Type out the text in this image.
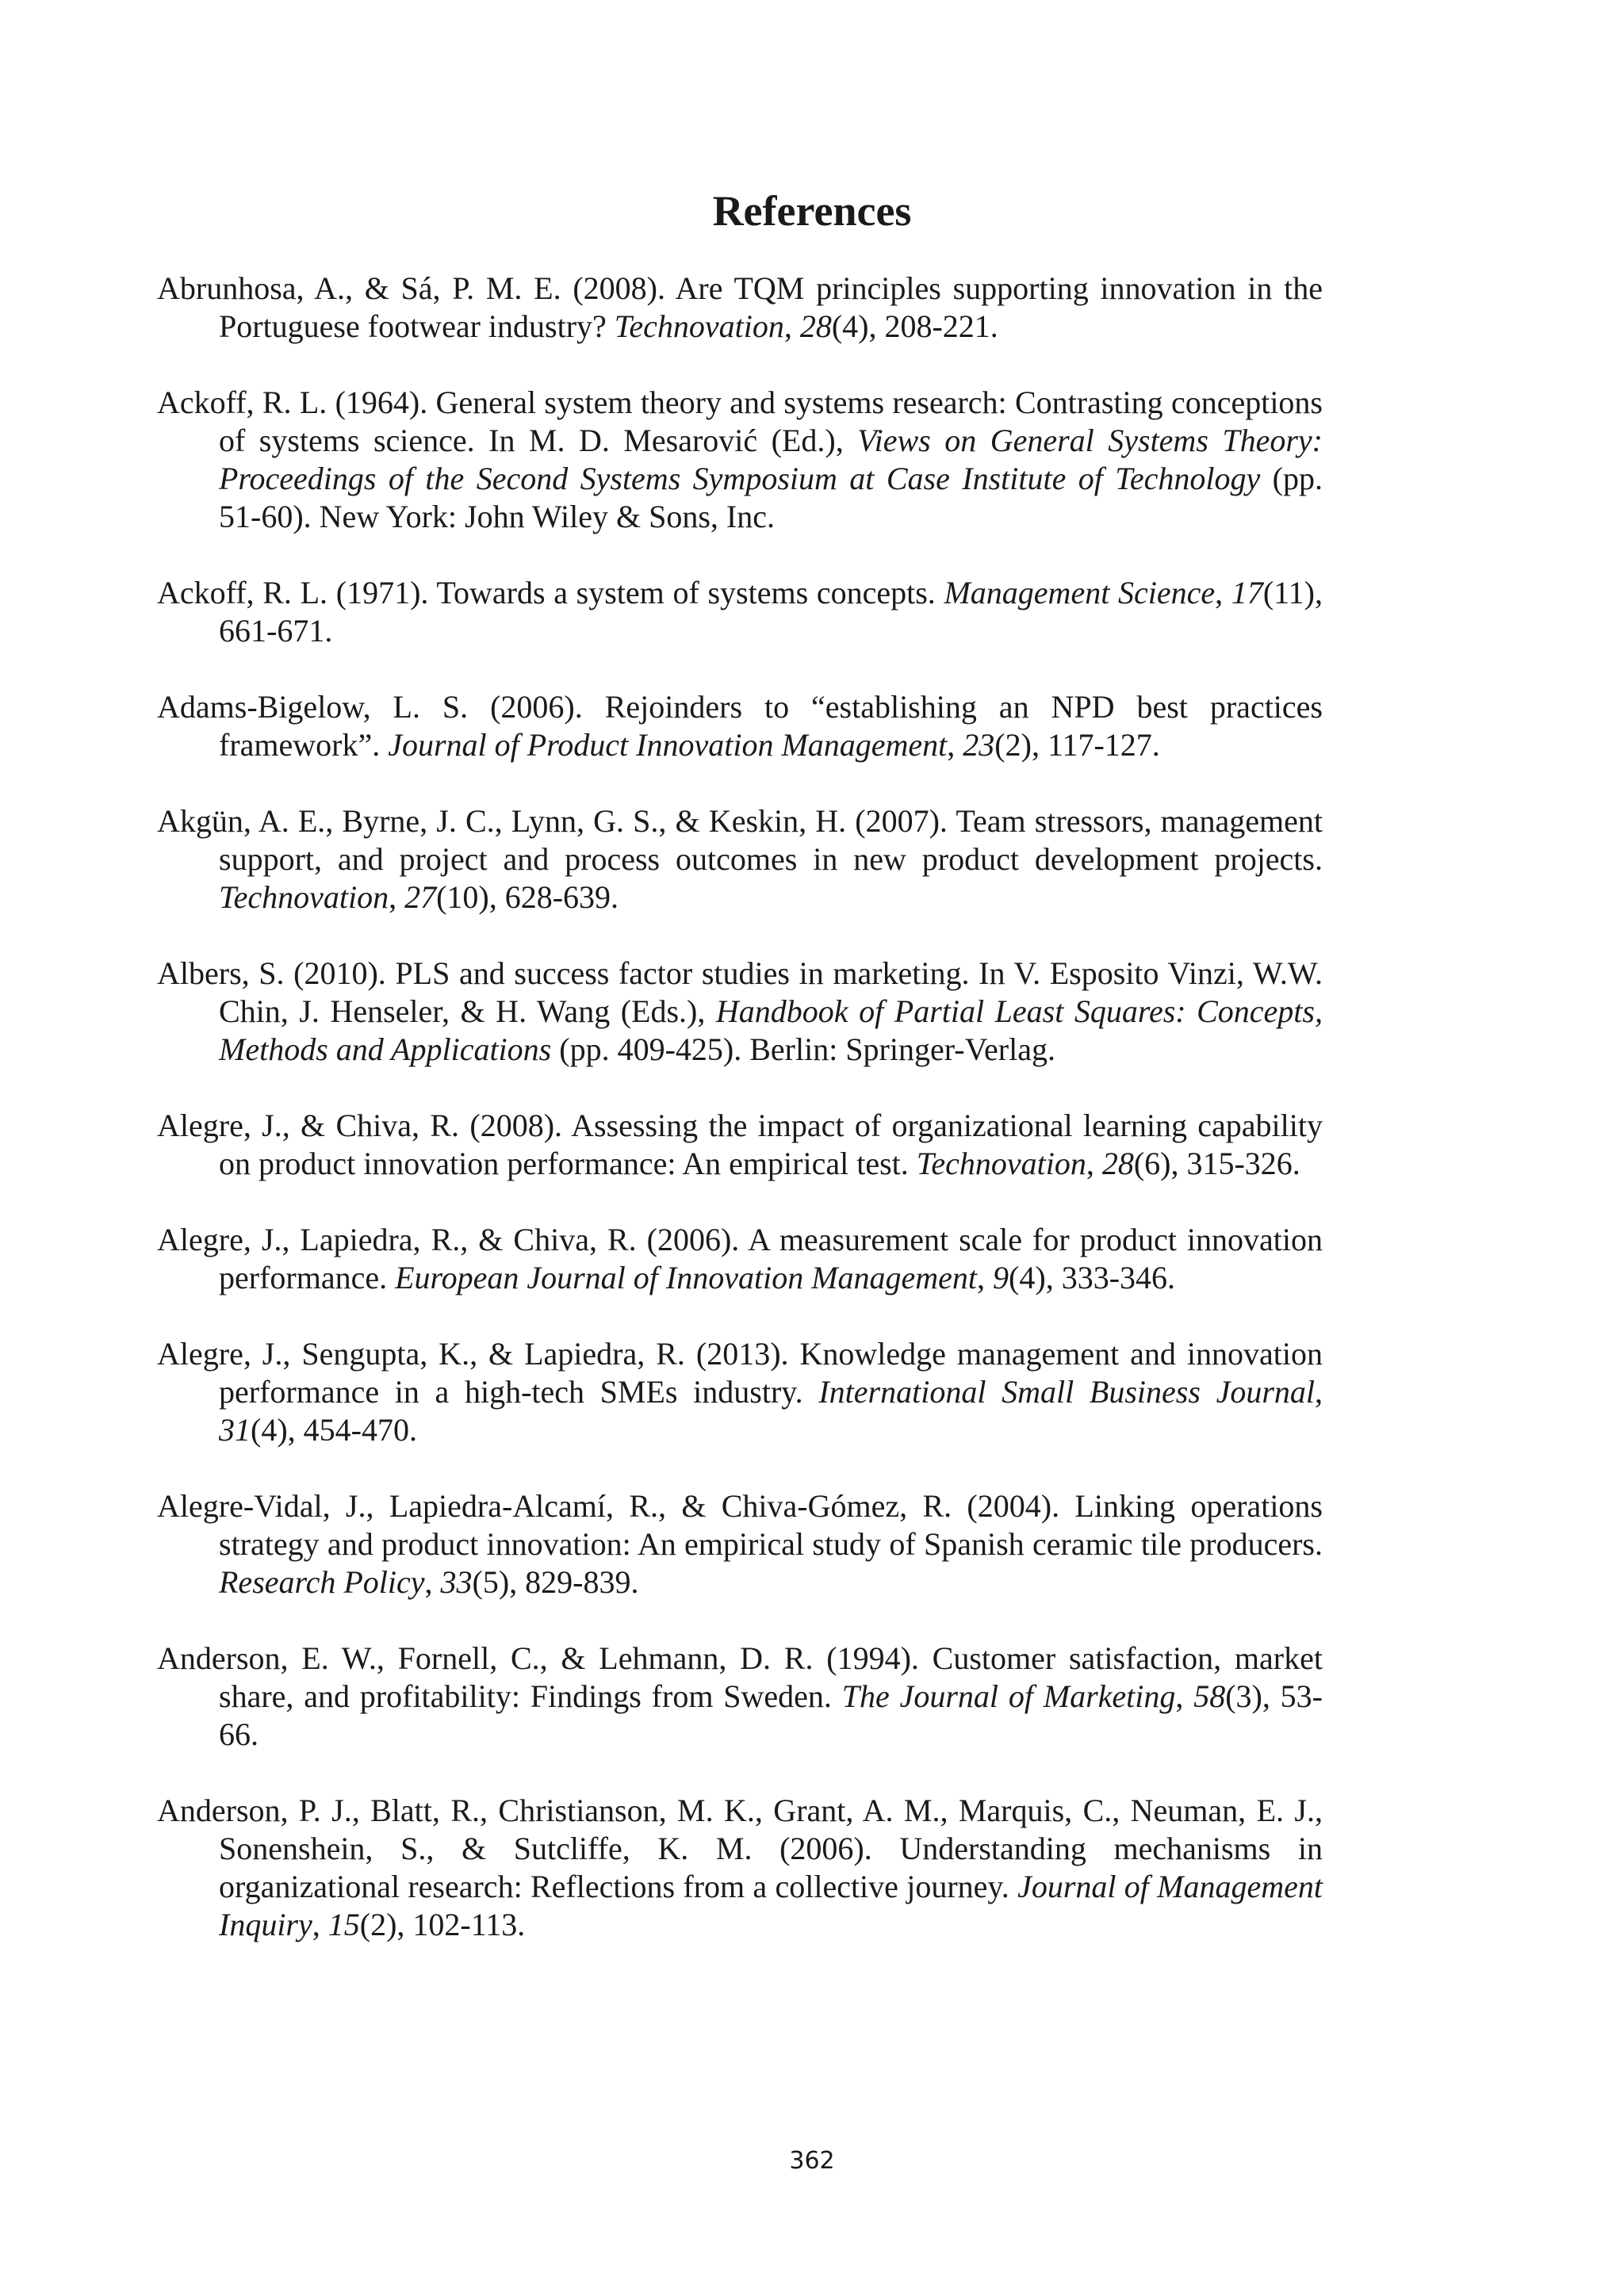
References

Abrunhosa, A., & Sá, P. M. E. (2008). Are TQM principles supporting innovation in the Portuguese footwear industry? Technovation, 28(4), 208-221.

Ackoff, R. L. (1964). General system theory and systems research: Contrasting conceptions of systems science. In M. D. Mesarović (Ed.), Views on General Systems Theory: Proceedings of the Second Systems Symposium at Case Institute of Technology (pp. 51-60). New York: John Wiley & Sons, Inc.

Ackoff, R. L. (1971). Towards a system of systems concepts. Management Science, 17(11), 661-671.

Adams-Bigelow, L. S. (2006). Rejoinders to “establishing an NPD best practices framework”. Journal of Product Innovation Management, 23(2), 117-127.

Akgün, A. E., Byrne, J. C., Lynn, G. S., & Keskin, H. (2007). Team stressors, management support, and project and process outcomes in new product development projects. Technovation, 27(10), 628-639.

Albers, S. (2010). PLS and success factor studies in marketing. In V. Esposito Vinzi, W.W. Chin, J. Henseler, & H. Wang (Eds.), Handbook of Partial Least Squares: Concepts, Methods and Applications (pp. 409-425). Berlin: Springer-Verlag.

Alegre, J., & Chiva, R. (2008). Assessing the impact of organizational learning capability on product innovation performance: An empirical test. Technovation, 28(6), 315-326.

Alegre, J., Lapiedra, R., & Chiva, R. (2006). A measurement scale for product innovation performance. European Journal of Innovation Management, 9(4), 333-346.

Alegre, J., Sengupta, K., & Lapiedra, R. (2013). Knowledge management and innovation performance in a high-tech SMEs industry. International Small Business Journal, 31(4), 454-470.

Alegre-Vidal, J., Lapiedra-Alcamí, R., & Chiva-Gómez, R. (2004). Linking operations strategy and product innovation: An empirical study of Spanish ceramic tile producers. Research Policy, 33(5), 829-839.

Anderson, E. W., Fornell, C., & Lehmann, D. R. (1994). Customer satisfaction, market share, and profitability: Findings from Sweden. The Journal of Marketing, 58(3), 53-66.

Anderson, P. J., Blatt, R., Christianson, M. K., Grant, A. M., Marquis, C., Neuman, E. J., Sonenshein, S., & Sutcliffe, K. M. (2006). Understanding mechanisms in organizational research: Reflections from a collective journey. Journal of Management Inquiry, 15(2), 102-113.

362
